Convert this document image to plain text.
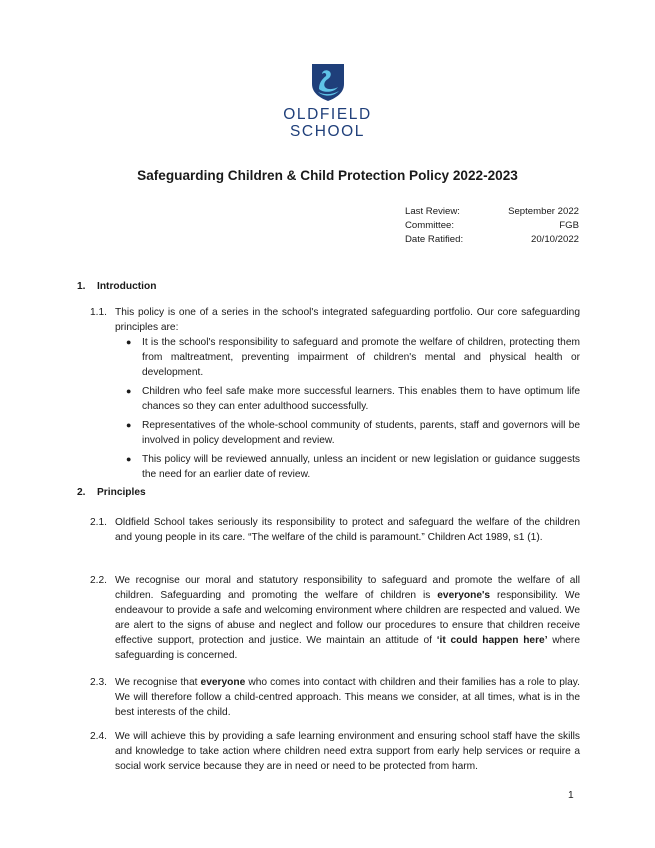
OLDFIELD
SCHOOL
Safeguarding Children & Child Protection Policy 2022-2023
Last Review:	September 2022
Committee:	FGB
Date Ratified:	20/10/2022
1. Introduction
1.1. This policy is one of a series in the school's integrated safeguarding portfolio. Our core safeguarding principles are:
● It is the school's responsibility to safeguard and promote the welfare of children, protecting them from maltreatment, preventing impairment of children's mental and physical health or development.
● Children who feel safe make more successful learners. This enables them to have optimum life chances so they can enter adulthood successfully.
● Representatives of the whole-school community of students, parents, staff and governors will be involved in policy development and review.
● This policy will be reviewed annually, unless an incident or new legislation or guidance suggests the need for an earlier date of review.
2. Principles
2.1. Oldfield School takes seriously its responsibility to protect and safeguard the welfare of the children and young people in its care. “The welfare of the child is paramount.” Children Act 1989, s1 (1).
2.2. We recognise our moral and statutory responsibility to safeguard and promote the welfare of all children. Safeguarding and promoting the welfare of children is everyone's responsibility. We endeavour to provide a safe and welcoming environment where children are respected and valued. We are alert to the signs of abuse and neglect and follow our procedures to ensure that children receive effective support, protection and justice. We maintain an attitude of ‘it could happen here’ where safeguarding is concerned.
2.3. We recognise that everyone who comes into contact with children and their families has a role to play. We will therefore follow a child-centred approach. This means we consider, at all times, what is in the best interests of the child.
2.4. We will achieve this by providing a safe learning environment and ensuring school staff have the skills and knowledge to take action where children need extra support from early help services or require a social work service because they are in need or need to be protected from harm.
1
